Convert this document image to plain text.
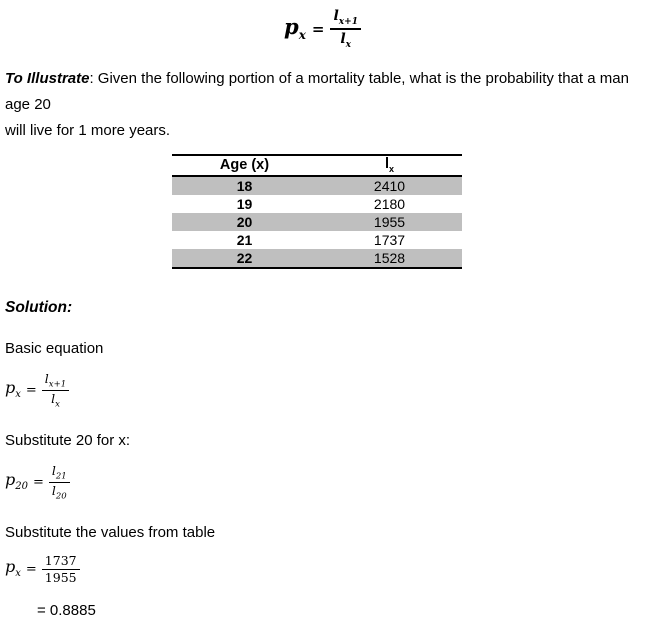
$p_x = \frac{l_{x+1}}{l_x}$

To Illustrate: Given the following portion of a mortality table, what is the probability that a man age 20
will live for 1 more years.

Age (x)	$l_x$
18	2410
19	2180
20	1955
21	1737
22	1528
Solution:
Basic equation
$p_x = \frac{l_{x+1}}{l_x}$
Substitute 20 for x:
$p_{20} = \frac{l_{21}}{l_{20}}$
Substitute the values from table
$p_x = \frac{1737}{1955}$
= 0.8885
